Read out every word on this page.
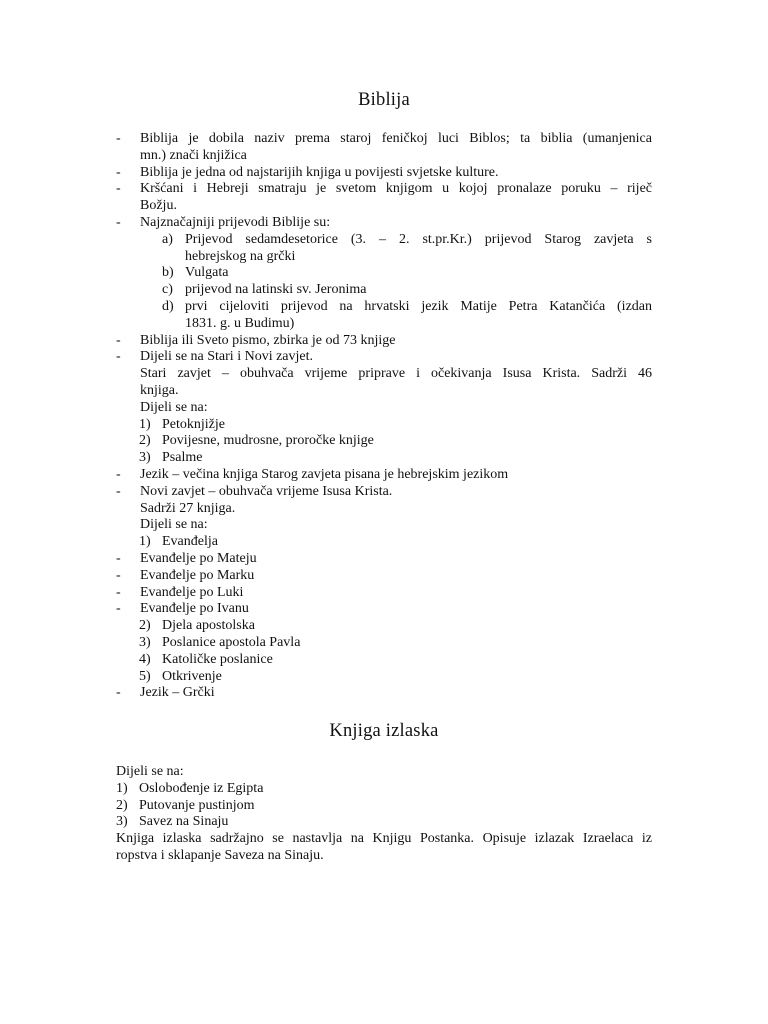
Biblija
- Biblija je dobila naziv prema staroj feničkoj luci Biblos; ta biblia (umanjenica
mn.) znači knjižica
- Biblija je jedna od najstarijih knjiga u povijesti svjetske kulture.
- Kršćani i Hebreji smatraju je svetom knjigom u kojoj pronalaze poruku – riječ
Božju.
- Najznačajniji prijevodi Biblije su:
a) Prijevod sedamdesetorice (3. – 2. st.pr.Kr.) prijevod Starog zavjeta s
hebrejskog na grčki
b) Vulgata
c) prijevod na latinski sv. Jeronima
d) prvi cijeloviti prijevod na hrvatski jezik Matije Petra Katančića (izdan
1831. g. u Budimu)
- Biblija ili Sveto pismo, zbirka je od 73 knjige
- Dijeli se na Stari i Novi zavjet.
Stari zavjet – obuhvača vrijeme priprave i očekivanja Isusa Krista. Sadrži 46
knjiga.
Dijeli se na:
1) Petoknjižje
2) Povijesne, mudrosne, proročke knjige
3) Psalme
- Jezik – večina knjiga Starog zavjeta pisana je hebrejskim jezikom
- Novi zavjet – obuhvača vrijeme Isusa Krista.
Sadrži 27 knjiga.
Dijeli se na:
1) Evanđelja
- Evanđelje po Mateju
- Evanđelje po Marku
- Evanđelje po Luki
- Evanđelje po Ivanu
2) Djela apostolska
3) Poslanice apostola Pavla
4) Katoličke poslanice
5) Otkrivenje
- Jezik – Grčki
Knjiga izlaska
Dijeli se na:
1) Oslobođenje iz Egipta
2) Putovanje pustinjom
3) Savez na Sinaju
Knjiga izlaska sadržajno se nastavlja na Knjigu Postanka. Opisuje izlazak Izraelaca iz
ropstva i sklapanje Saveza na Sinaju.
